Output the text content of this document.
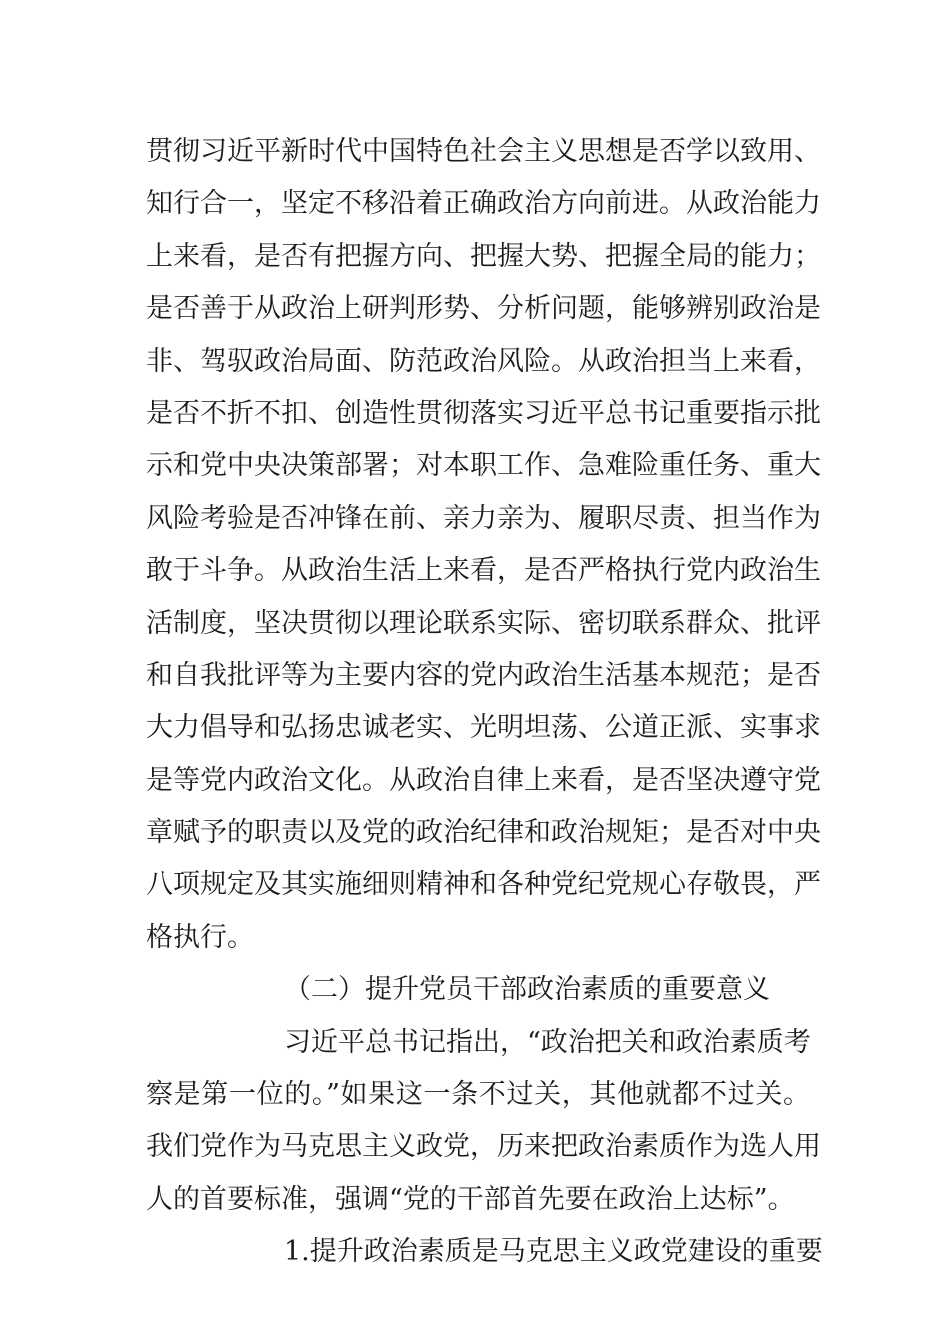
贯彻习近平新时代中国特色社会主义思想是否学以致用、
知行合一，坚定不移沿着正确政治方向前进。从政治能力
上来看，是否有把握方向、把握大势、把握全局的能力；
是否善于从政治上研判形势、分析问题，能够辨别政治是
非、驾驭政治局面、防范政治风险。从政治担当上来看，
是否不折不扣、创造性贯彻落实习近平总书记重要指示批
示和党中央决策部署；对本职工作、急难险重任务、重大
风险考验是否冲锋在前、亲力亲为、履职尽责、担当作为
敢于斗争。从政治生活上来看，是否严格执行党内政治生
活制度，坚决贯彻以理论联系实际、密切联系群众、批评
和自我批评等为主要内容的党内政治生活基本规范；是否
大力倡导和弘扬忠诚老实、光明坦荡、公道正派、实事求
是等党内政治文化。从政治自律上来看，是否坚决遵守党
章赋予的职责以及党的政治纪律和政治规矩；是否对中央
八项规定及其实施细则精神和各种党纪党规心存敬畏，严
格执行。
（二）提升党员干部政治素质的重要意义
习近平总书记指出，“政治把关和政治素质考
察是第一位的。”如果这一条不过关，其他就都不过关。
我们党作为马克思主义政党，历来把政治素质作为选人用
人的首要标准，强调“党的干部首先要在政治上达标”。
1.提升政治素质是马克思主义政党建设的重要
